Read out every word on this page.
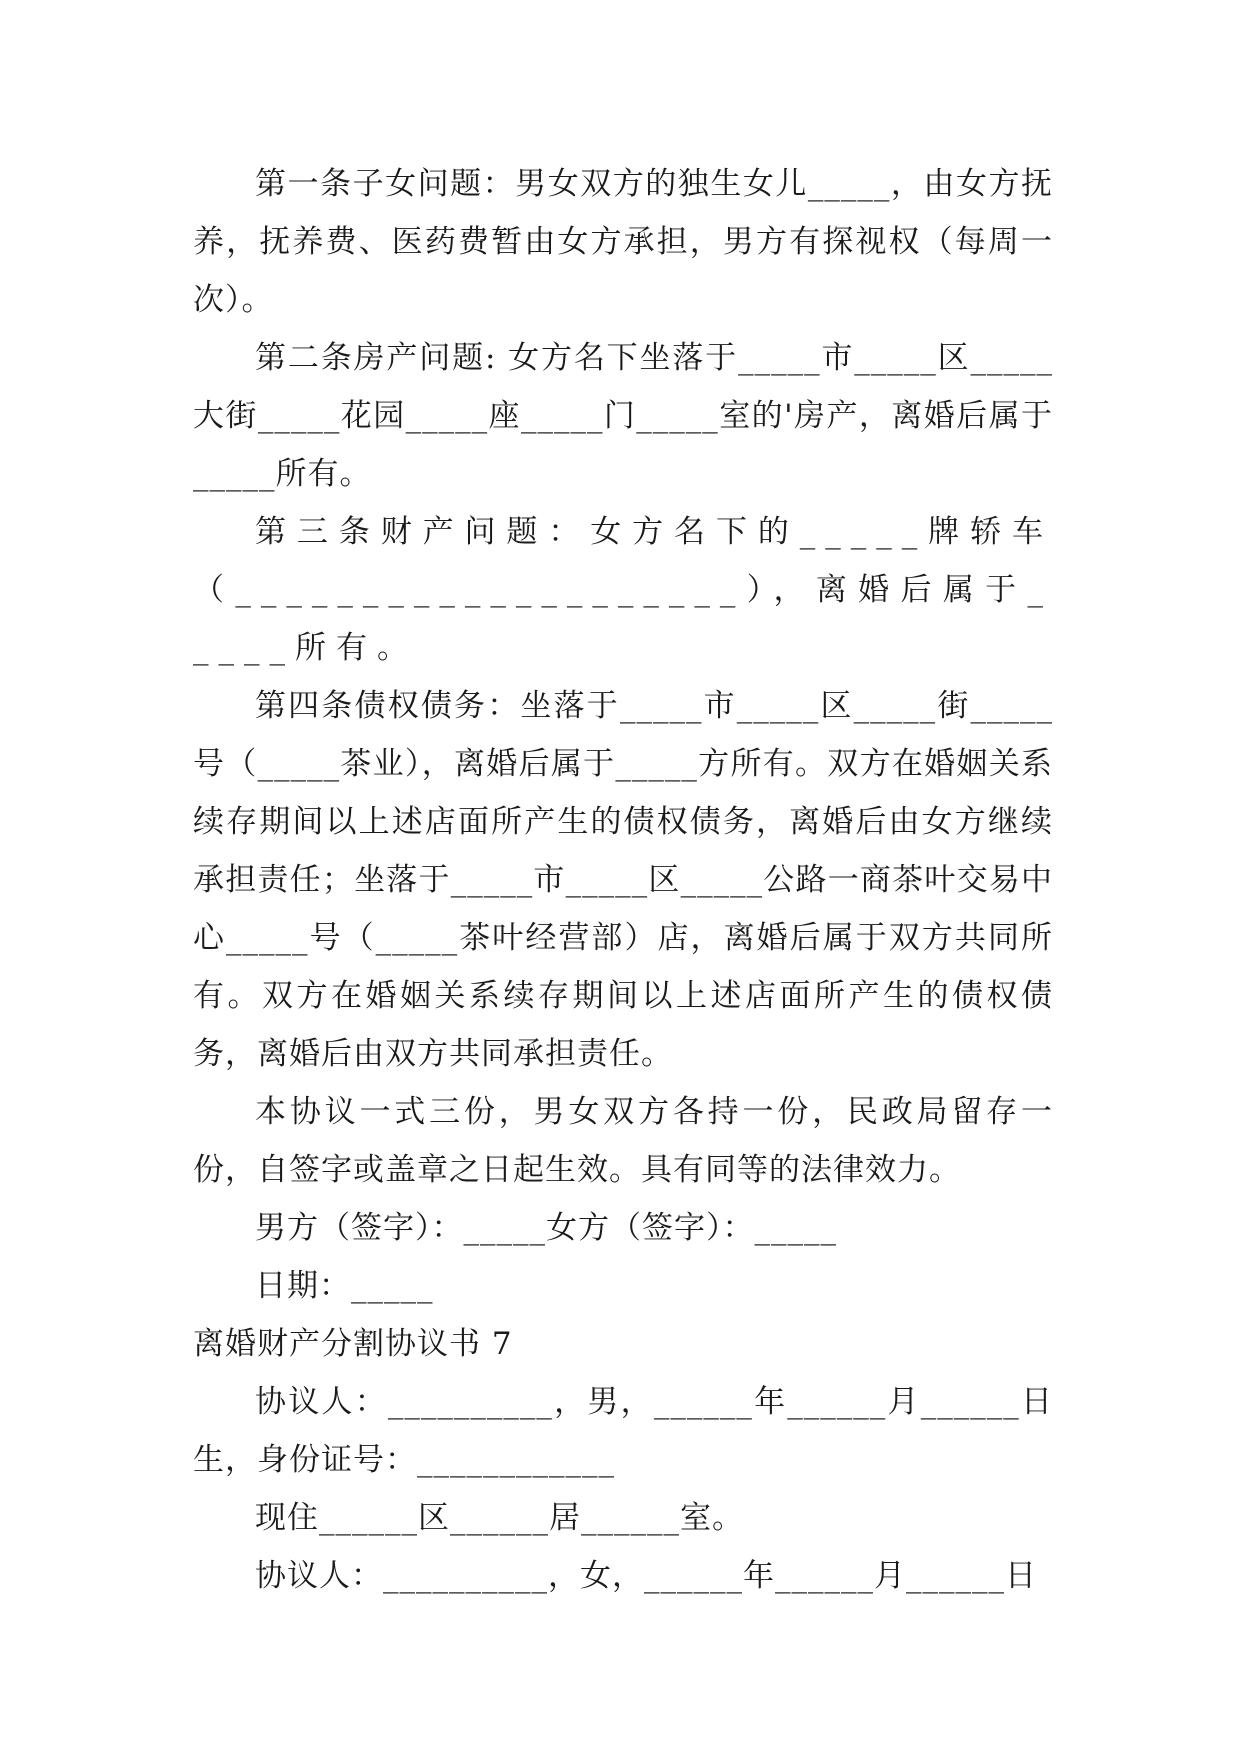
第一条子女问题：男女双方的独生女儿_____，由女方抚养，抚养费、医药费暂由女方承担，男方有探视权（每周一次）。

第二条房产问题: 女方名下坐落于_____市_____区_____大街_____花园_____座_____门_____室的'房产，离婚后属于_____所有。

第三条财产问题：女方名下的_____牌轿车（____________________），离婚后属于_____所有。

第四条债权债务：坐落于_____市_____区_____街_____号（_____茶业），离婚后属于_____方所有。双方在婚姻关系续存期间以上述店面所产生的债权债务，离婚后由女方继续承担责任；坐落于_____市_____区_____公路一商茶叶交易中心_____号（_____茶叶经营部）店，离婚后属于双方共同所有。双方在婚姻关系续存期间以上述店面所产生的债权债务，离婚后由双方共同承担责任。

本协议一式三份，男女双方各持一份，民政局留存一份，自签字或盖章之日起生效。具有同等的法律效力。

男方（签字）：_____女方（签字）：_____

日期：_____

离婚财产分割协议书 7

协议人：__________，男，______年______月______日生，身份证号：____________

现住______区______居______室。

协议人：__________，女，______年______月______日
